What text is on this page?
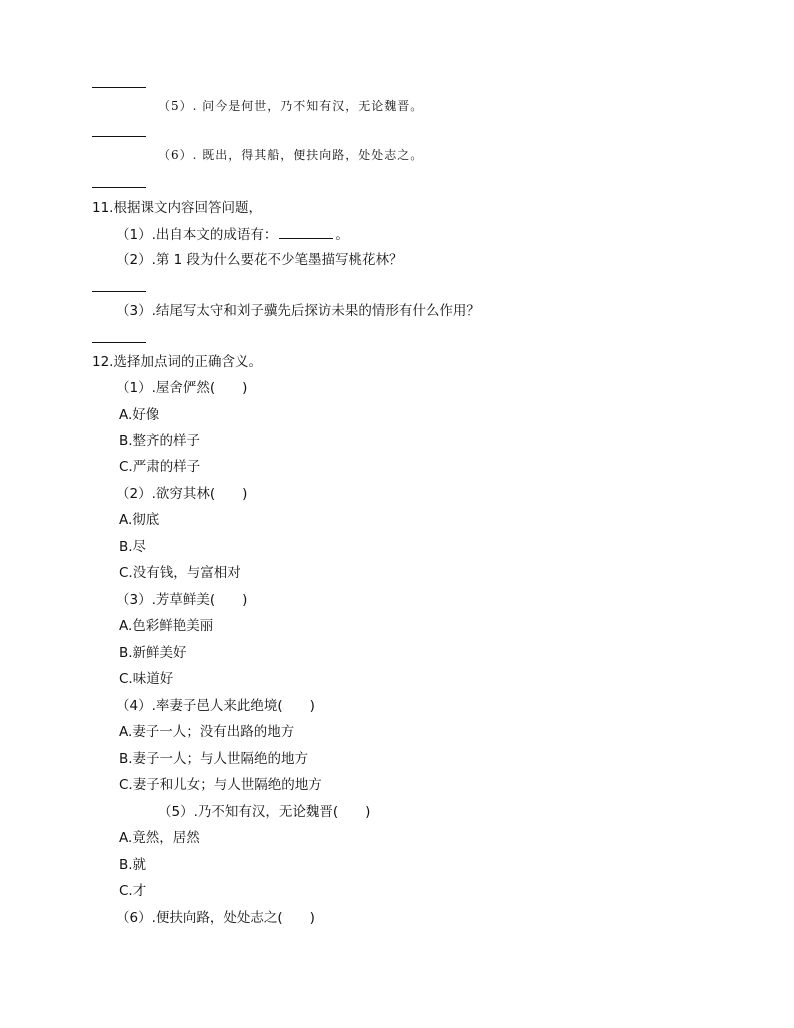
（5）. 问今是何世，乃不知有汉，无论魏晋。
（6）. 既出，得其船，便扶向路，处处志之。
11.根据课文内容回答问题，
（1）.出自本文的成语有：	。
（2）.第 1 段为什么要花不少笔墨描写桃花林？
（3）.结尾写太守和刘子骥先后探访未果的情形有什么作用？
12.选择加点词的正确含义。
（1）.屋舍俨然(　　)
A.好像
B.整齐的样子
C.严肃的样子
（2）.欲穷其林(　　)
A.彻底
B.尽
C.没有钱，与富相对
（3）.芳草鲜美(　　)
A.色彩鲜艳美丽
B.新鲜美好
C.味道好
（4）.率妻子邑人来此绝境(　　)
A.妻子一人；没有出路的地方
B.妻子一人；与人世隔绝的地方
C.妻子和儿女；与人世隔绝的地方
（5）.乃不知有汉，无论魏晋(　　)
A.竟然，居然
B.就
C.才
（6）.便扶向路，处处志之(　　)
